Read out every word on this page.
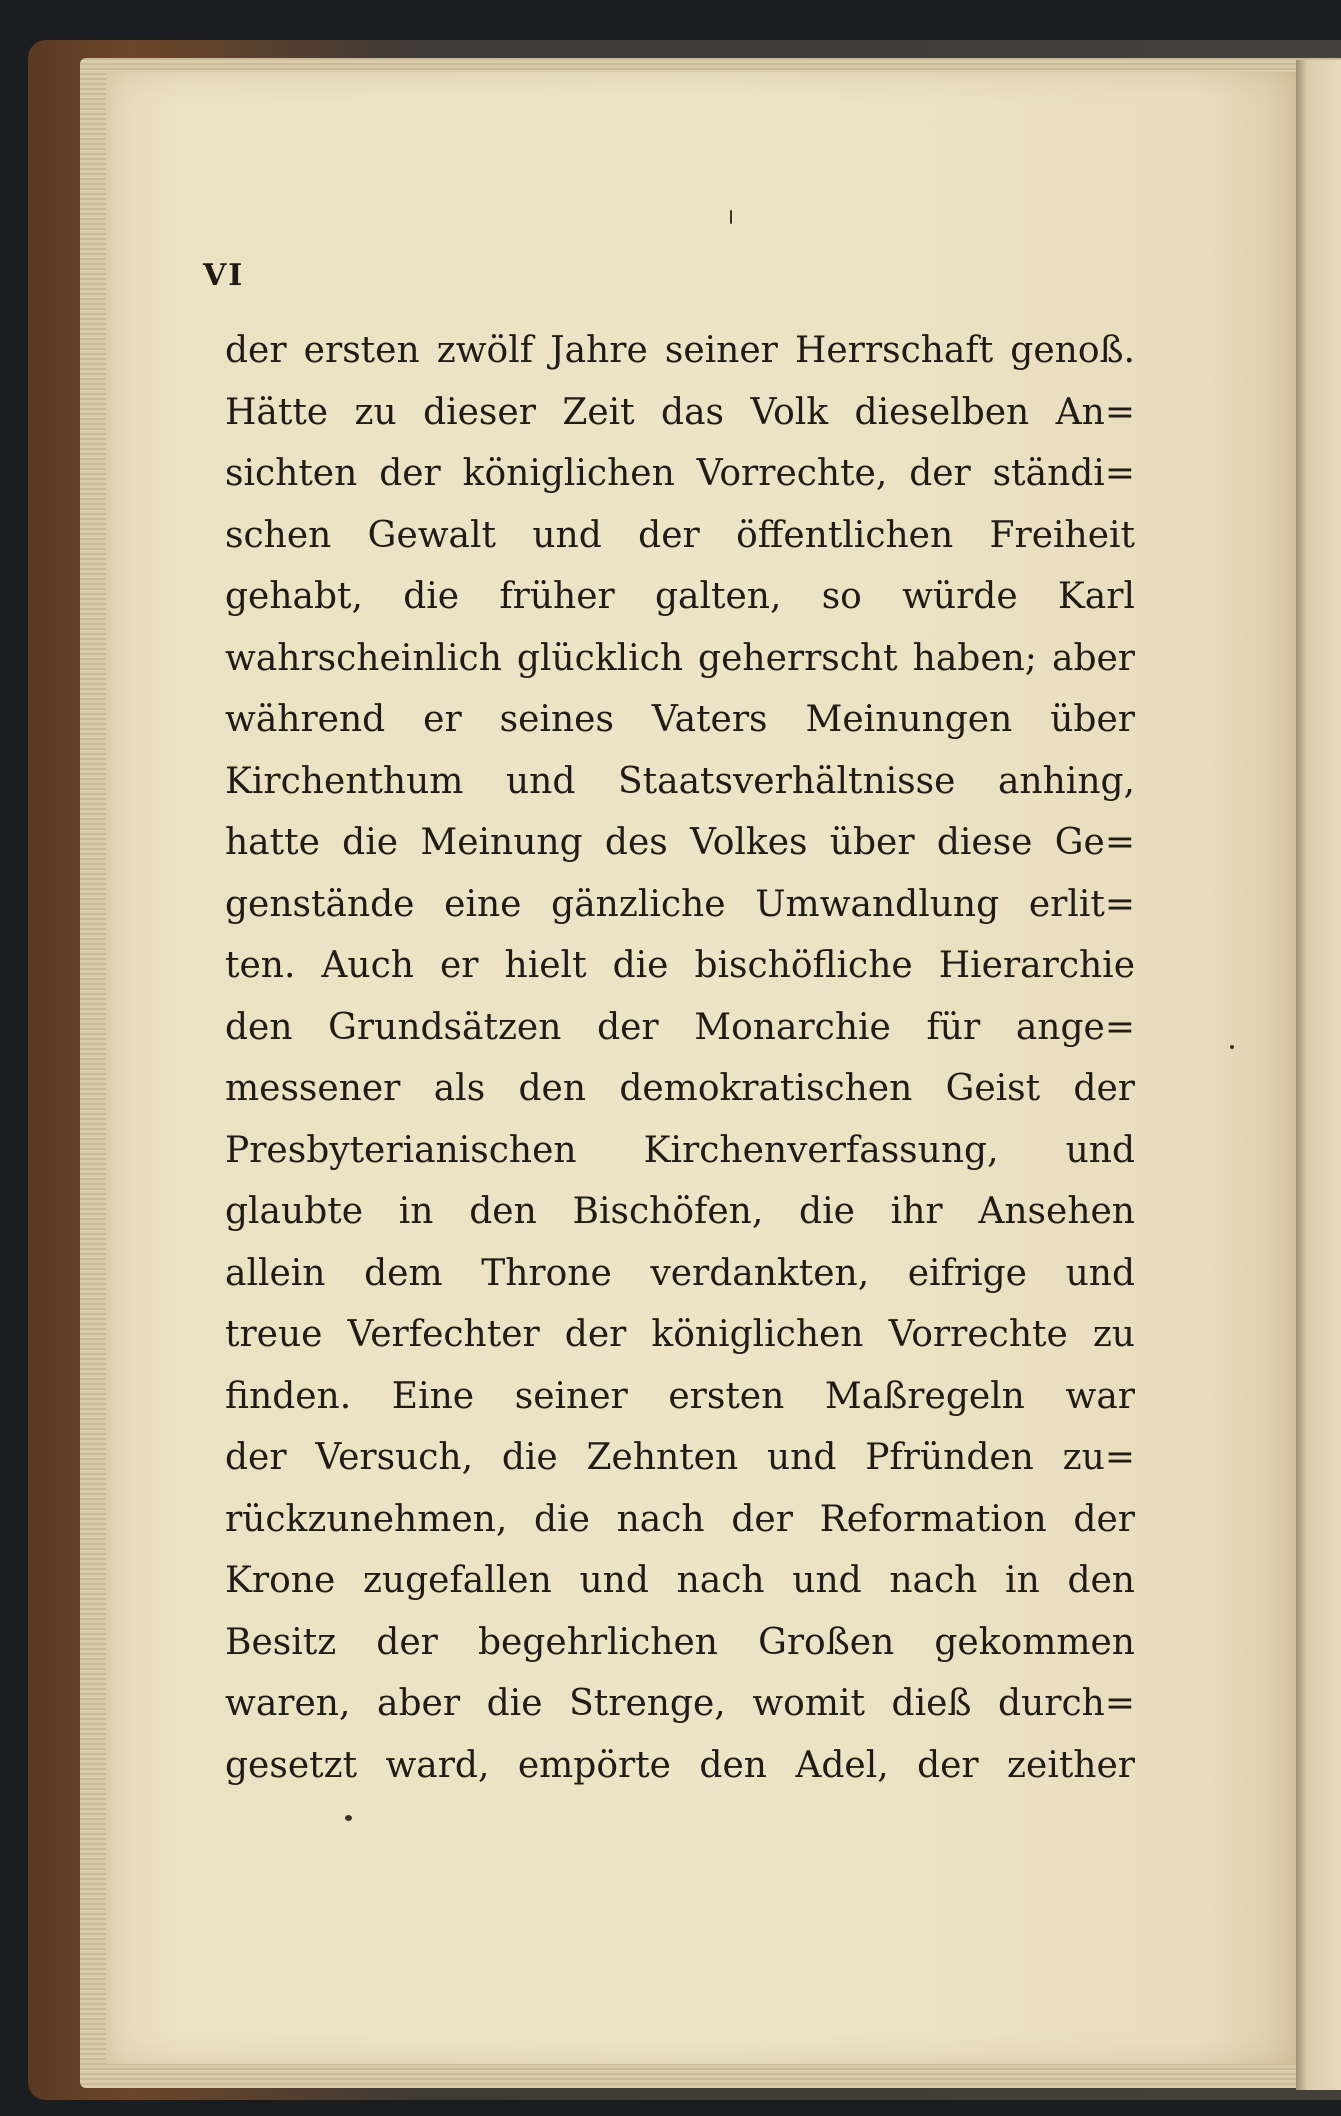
VI
der ersten zwölf Jahre seiner Herrschaft genoß.
Hätte zu dieser Zeit das Volk dieselben An=
sichten der königlichen Vorrechte, der ständi=
schen Gewalt und der öffentlichen Freiheit
gehabt, die früher galten, so würde Karl
wahrscheinlich glücklich geherrscht haben; aber
während er seines Vaters Meinungen über
Kirchenthum und Staatsverhältnisse anhing,
hatte die Meinung des Volkes über diese Ge=
genstände eine gänzliche Umwandlung erlit=
ten. Auch er hielt die bischöfliche Hierarchie
den Grundsätzen der Monarchie für ange=
messener als den demokratischen Geist der
Presbyterianischen Kirchenverfassung, und
glaubte in den Bischöfen, die ihr Ansehen
allein dem Throne verdankten, eifrige und
treue Verfechter der königlichen Vorrechte zu
finden. Eine seiner ersten Maßregeln war
der Versuch, die Zehnten und Pfründen zu=
rückzunehmen, die nach der Reformation der
Krone zugefallen und nach und nach in den
Besitz der begehrlichen Großen gekommen
waren, aber die Strenge, womit dieß durch=
gesetzt ward, empörte den Adel, der zeither
